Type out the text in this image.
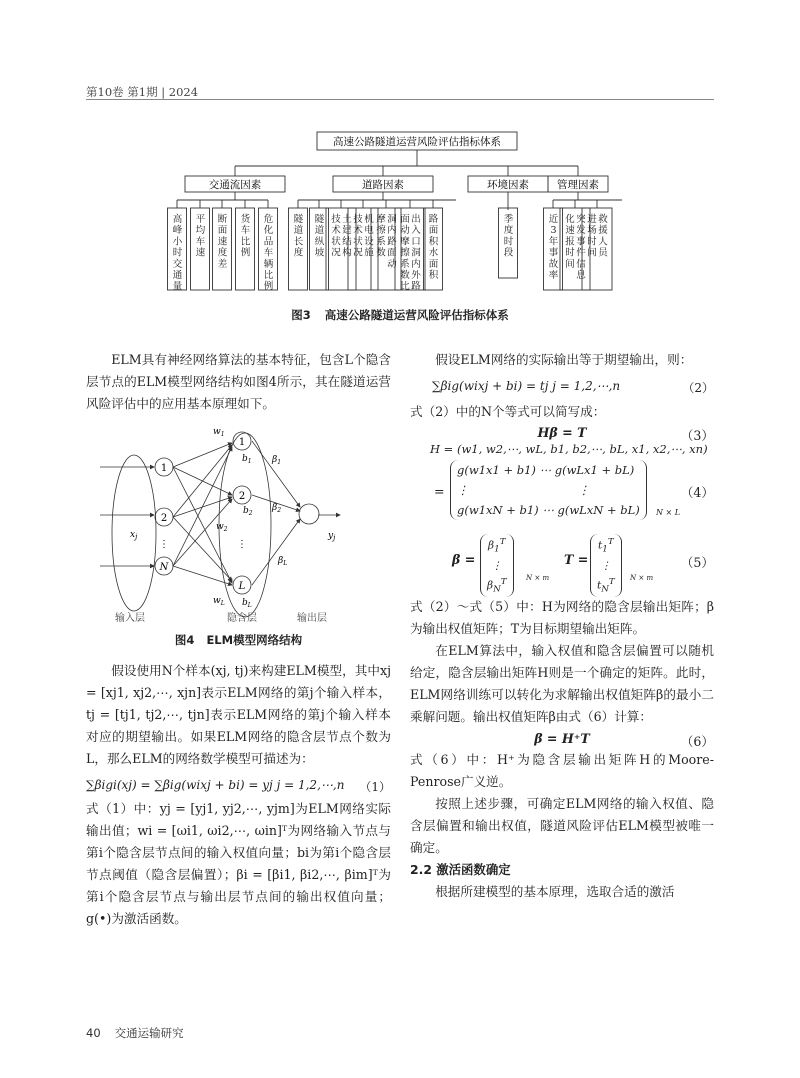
第10卷 第1期 | 2024
高
峰
小
时
交
通
量
平
均
车
速
断
面
速
度
差
货
车
比
例
危
化
品
车
辆
比
例
隧
道
长
度
隧
道
纵
坡
土
建
结
构
技
术
状
况
机
电
设
施
技
术
状
况
洞
内
路
面
动
摩
擦
系
数
出
入
口
洞
内
外
路
面
动
摩
擦
系
数
比
路
面
积
水
面
积
季
度
时
段
近
3
年
事
故
率
突
发
事
件
信
息
化
速
报
时
间
救
援
人
员
进
场
时
间
高速公路隧道运营风险评估指标体系
交通流因素	道路因素	环境因素	管理因素
图3 高速公路隧道运营风险评估指标体系
1
2
N
1
2
L
⋮	⋮
$x_j$	$y_j$
$w_1$
$w_2$
$w_L$
$b_1$
$b_2$
$b_L$
$\beta_1$
$\beta_2$
$\beta_L$
输入层	隐含层	输出层
图4 ELM模型网络结构

ELM具有神经网络算法的基本特征，包含L个隐含层节点的ELM模型网络结构如图4所示，其在隧道运营风险评估中的应用基本原理如下。

假设使用N个样本(xj, tj)来构建ELM模型，其中xj = [xj1, xj2,⋯, xjn]表示ELM网络的第j个输入样本，tj = [tj1, tj2,⋯, tjn]表示ELM网络的第j个输入样本对应的期望输出。如果ELM网络的隐含层节点个数为L，那么ELM的网络数学模型可描述为：

∑βigi(xj) = ∑βig(wixj + bi) = yj j = 1,2,⋯,n （1）

式（1）中：yj = [yj1, yj2,⋯, yjm]为ELM网络实际输出值；wi = [ωi1, ωi2,⋯, ωin]ᵀ为网络输入节点与第i个隐含层节点间的输入权值向量；bi为第i个隐含层节点阈值（隐含层偏置）；βi = [βi1, βi2,⋯, βim]ᵀ为第i个隐含层节点与输出层节点间的输出权值向量；g(•)为激活函数。

假设ELM网络的实际输出等于期望输出，则：

∑βig(wixj + bi) = tj j = 1,2,⋯,n	（2）

式（2）中的N个等式可以简写成：

Hβ = T	（3）
H = (w1, w2,⋯, wL, b1, b2,⋯, bL, x1, x2,⋯, xn)
=
g(w1x1 + b1) ⋯ g(wLx1 + bL)
⋮                              ⋮
g(w1xN + b1) ⋯ g(wLxN + bL) N × L
（4）
β =
$\beta_1^T$
⋮
$\beta_N^T$	N × m
T =
$t_1^T$
⋮
$t_N^T$ N × m
（5）

式（2）～式（5）中：H为网络的隐含层输出矩阵；β为输出权值矩阵；T为目标期望输出矩阵。

在ELM算法中，输入权值和隐含层偏置可以随机给定，隐含层输出矩阵H则是一个确定的矩阵。此时，ELM网络训练可以转化为求解输出权值矩阵β的最小二乘解问题。输出权值矩阵β由式（6）计算：

β = H⁺T	（6）

式（6）中：H⁺为隐含层输出矩阵H的Moore-Penrose广义逆。

按照上述步骤，可确定ELM网络的输入权值、隐含层偏置和输出权值，隧道风险评估ELM模型被唯一确定。

2.2 激活函数确定

根据所建模型的基本原理，选取合适的激活

40 交通运输研究
